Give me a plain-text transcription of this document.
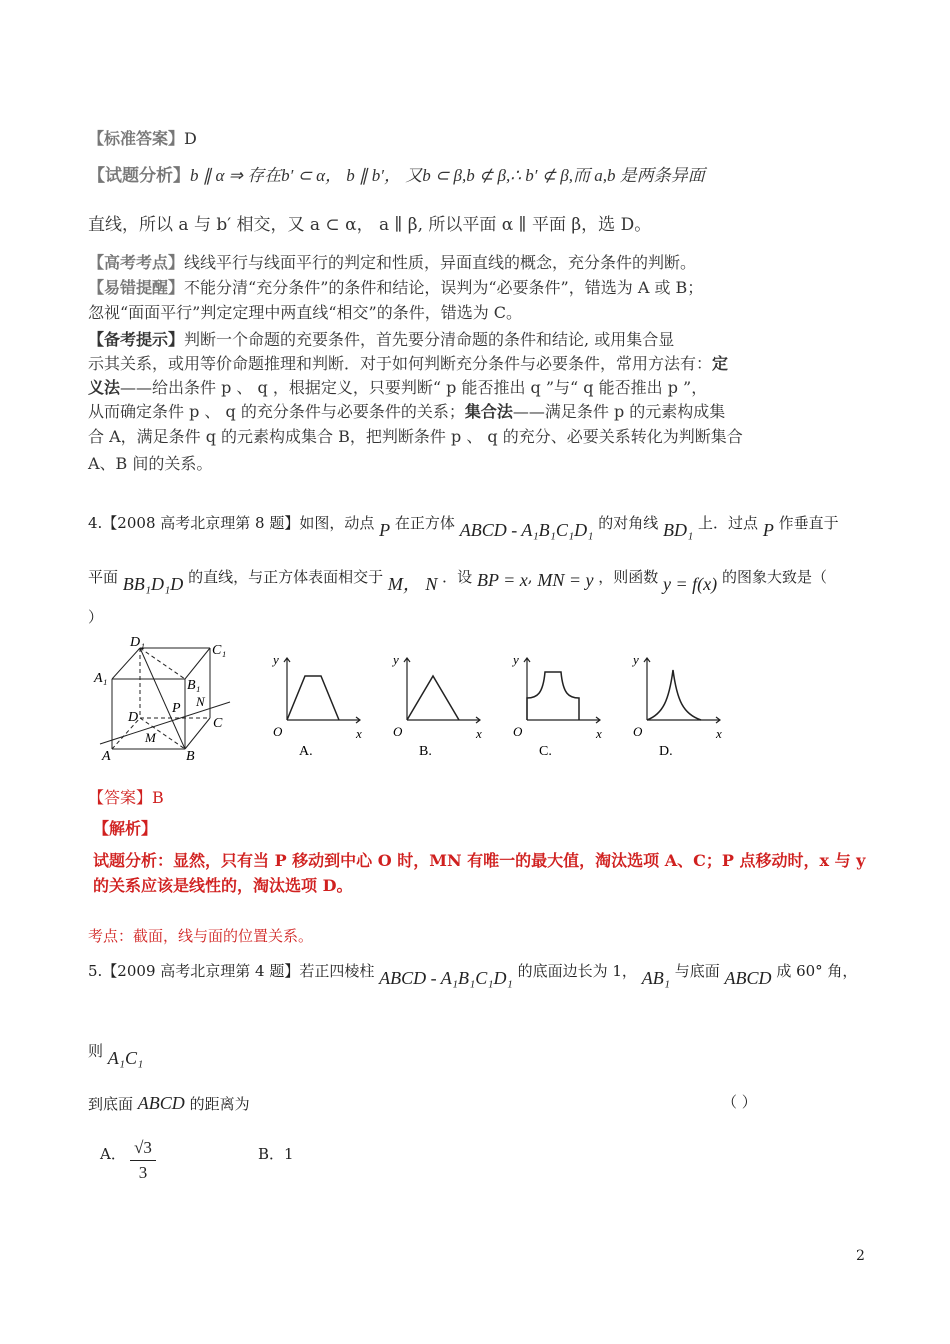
【标准答案】D
【试题分析】b ∥ α ⇒ 存在b′ ⊂ α， b ∥ b′， 又b ⊂ β,b ⊄ β,∴ b′ ⊄ β,而 a,b 是两条异面
直线，所以 a 与 b′ 相交，又 a ⊂ α， a ∥ β, 所以平面 α ∥ 平面 β，选 D。
【高考考点】线线平行与线面平行的判定和性质，异面直线的概念，充分条件的判断。
【易错提醒】不能分清“充分条件”的条件和结论，误判为“必要条件”，错选为 A 或 B；
忽视“面面平行”判定定理中两直线“相交”的条件，错选为 C。
【备考提示】判断一个命题的充要条件，首先要分清命题的条件和结论, 或用集合显
示其关系，或用等价命题推理和判断．对于如何判断充分条件与必要条件，常用方法有：定
义法——给出条件 p 、 q ，根据定义，只要判断“ p 能否推出 q ”与“ q 能否推出 p ”，
从而确定条件 p 、 q 的充分条件与必要条件的关系；集合法——满足条件 p 的元素构成集
合 A，满足条件 q 的元素构成集合 B，把判断条件 p 、 q 的充分、必要关系转化为判断集合
A、B 间的关系。
4.【2008 高考北京理第 8 题】如图，动点 P 在正方体 ABCD - A₁B₁C₁D₁ 的对角线 BD₁ 上．过点 P 作垂直于
平面 BB₁D₁D 的直线，与正方体表面相交于 M， N ．设 BP = x, MN = y ，则函数 y = f(x) 的图象大致是（
）
D₁
C₁
A₁	B₁
D	C
A	B
P N
M
y
x
O
A.
y
x
O
B.
y
x
O
C.
y
x
O
D.
【答案】B
【解析】
试题分析：显然，只有当 P 移动到中心 O 时，MN 有唯一的最大值，淘汰选项 A、C；P 点移动时，x 与 y
的关系应该是线性的，淘汰选项 D。
考点：截面，线与面的位置关系。
5.【2009 高考北京理第 4 题】若正四棱柱 ABCD - A₁B₁C₁D₁ 的底面边长为 1， AB₁ 与底面 ABCD 成 60° 角，
则 A₁C₁
到底面 ABCD 的距离为	（ ）
A． √3
3
B．1
2
